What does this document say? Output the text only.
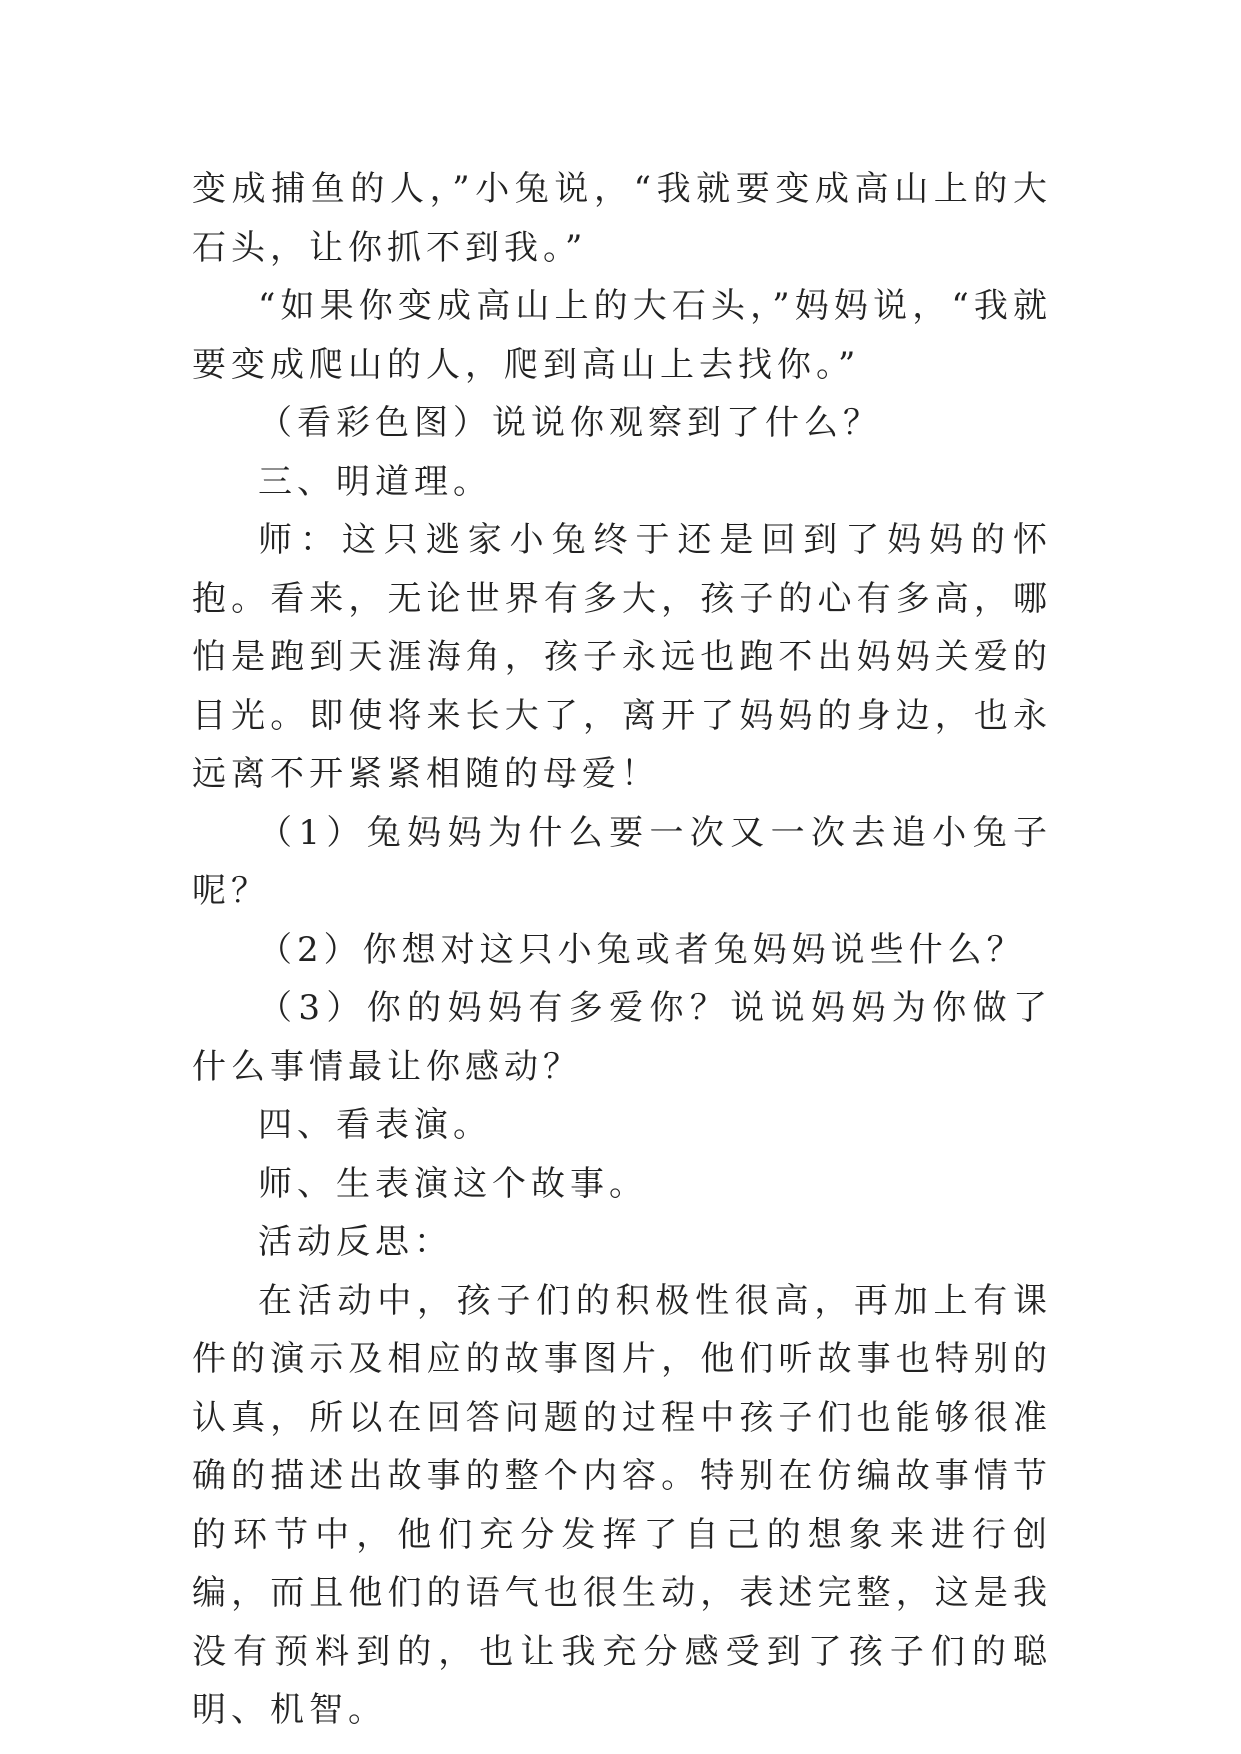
变成捕鱼的人，”小兔说，“我就要变成高山上的大石头，让你抓不到我。”

“如果你变成高山上的大石头，”妈妈说，“我就要变成爬山的人，爬到高山上去找你。”

（看彩色图）说说你观察到了什么？

三、明道理。

师：这只逃家小兔终于还是回到了妈妈的怀抱。看来，无论世界有多大，孩子的心有多高，哪怕是跑到天涯海角，孩子永远也跑不出妈妈关爱的目光。即使将来长大了，离开了妈妈的身边，也永远离不开紧紧相随的母爱！

（1）兔妈妈为什么要一次又一次去追小兔子呢？

（2）你想对这只小兔或者兔妈妈说些什么？

（3）你的妈妈有多爱你？说说妈妈为你做了什么事情最让你感动？

四、看表演。

师、生表演这个故事。

活动反思：

在活动中，孩子们的积极性很高，再加上有课件的演示及相应的故事图片，他们听故事也特别的认真，所以在回答问题的过程中孩子们也能够很准确的描述出故事的整个内容。特别在仿编故事情节的环节中，他们充分发挥了自己的想象来进行创编，而且他们的语气也很生动，表述完整，这是我没有预料到的，也让我充分感受到了孩子们的聪明、机智。
